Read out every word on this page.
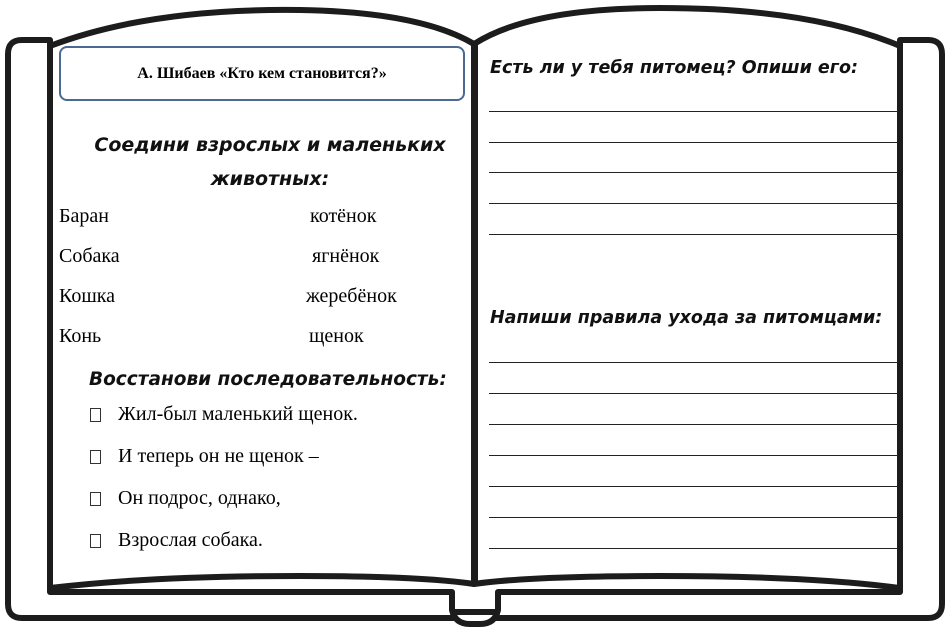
А. Шибаев «Кто кем становится?»
Соедини взрослых и маленьких животных:
Баран
Собака
Кошка
Конь
котёнок
ягнёнок
жеребёнок
щенок
Восстанови последовательность:
Жил-был маленький щенок.
И теперь он не щенок –
Он подрос, однако,
Взрослая собака.
Есть ли у тебя питомец? Опиши его:
Напиши правила ухода за питомцами:
